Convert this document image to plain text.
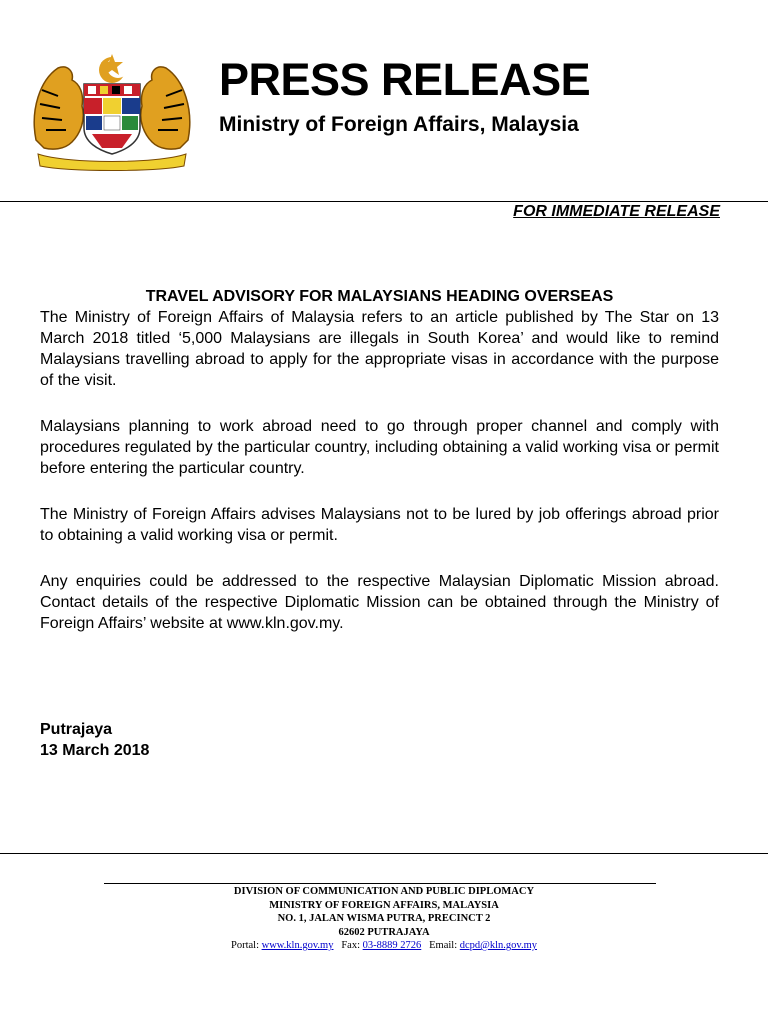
PRESS RELEASE
Ministry of Foreign Affairs, Malaysia
FOR IMMEDIATE RELEASE

TRAVEL ADVISORY FOR MALAYSIANS HEADING OVERSEAS

The Ministry of Foreign Affairs of Malaysia refers to an article published by The Star on 13 March 2018 titled ‘5,000 Malaysians are illegals in South Korea’ and would like to remind Malaysians travelling abroad to apply for the appropriate visas in accordance with the purpose of the visit.

Malaysians planning to work abroad need to go through proper channel and comply with procedures regulated by the particular country, including obtaining a valid working visa or permit before entering the particular country.

The Ministry of Foreign Affairs advises Malaysians not to be lured by job offerings abroad prior to obtaining a valid working visa or permit.

Any enquiries could be addressed to the respective Malaysian Diplomatic Mission abroad. Contact details of the respective Diplomatic Mission can be obtained through the Ministry of Foreign Affairs’ website at www.kln.gov.my.

Putrajaya
13 March 2018
DIVISION OF COMMUNICATION AND PUBLIC DIPLOMACY
MINISTRY OF FOREIGN AFFAIRS, MALAYSIA
NO. 1, JALAN WISMA PUTRA, PRECINCT 2
62602 PUTRAJAYA
Portal: www.kln.gov.my Fax: 03-8889 2726 Email: dcpd@kln.gov.my
